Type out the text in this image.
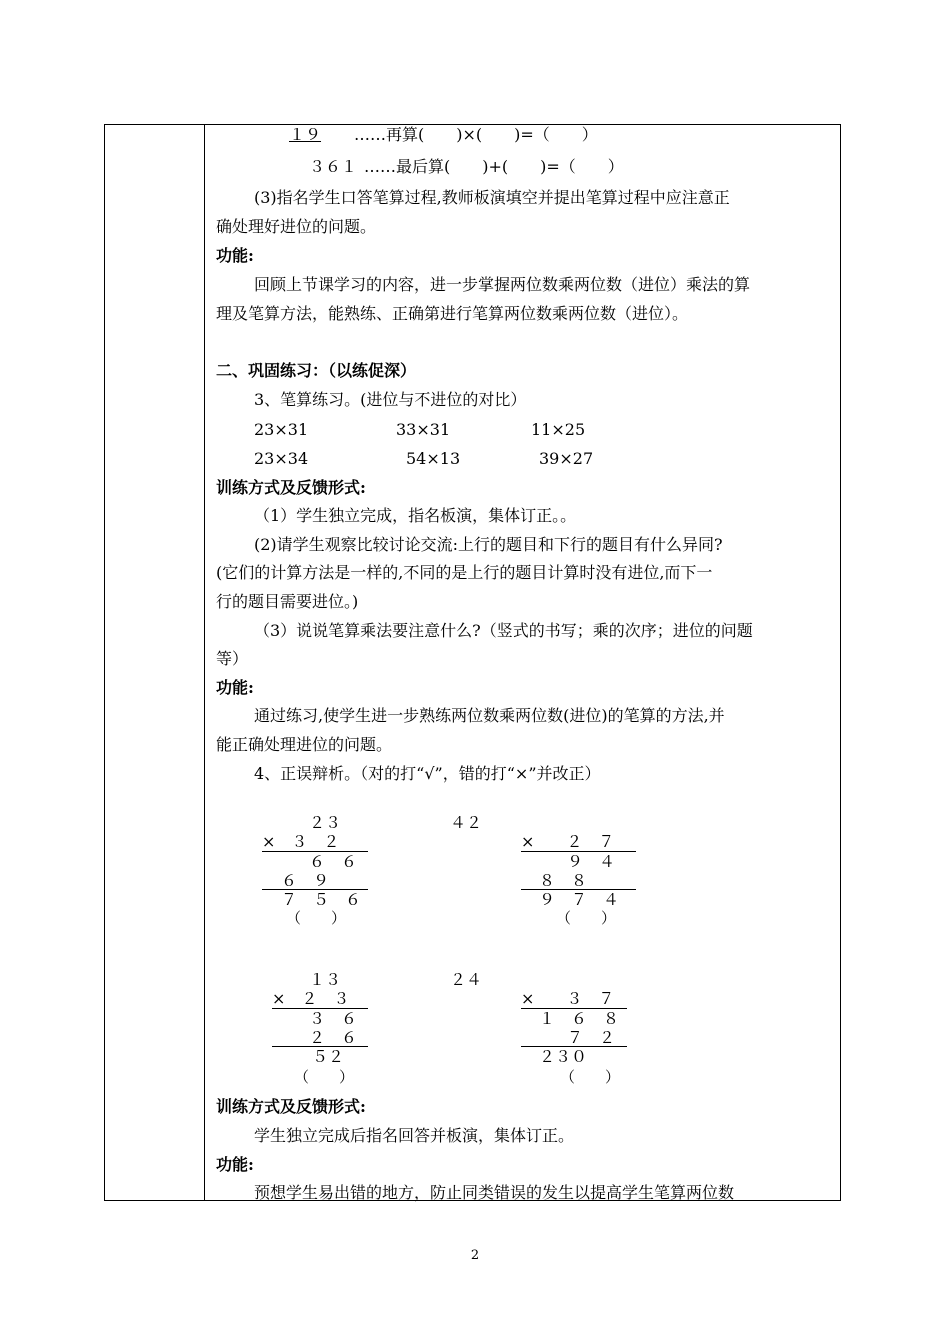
１９ ……再算(　　)×(　　)=（　　）
３６１ ……最后算(　　)+(　　)=（　　）
(3)指名学生口答笔算过程,教师板演填空并提出笔算过程中应注意正
确处理好进位的问题。
功能:
回顾上节课学习的内容，进一步掌握两位数乘两位数（进位）乘法的算
理及笔算方法，能熟练、正确第进行笔算两位数乘两位数（进位）。
二、巩固练习：（以练促深）
3、笔算练习。(进位与不进位的对比）
23×31	33×31	11×25
23×34	54×13	39×27
训练方式及反馈形式:
（1）学生独立完成，指名板演，集体订正。。
(2)请学生观察比较讨论交流:上行的题目和下行的题目有什么异同?
(它们的计算方法是一样的,不同的是上行的题目计算时没有进位,而下一
行的题目需要进位。)
（3）说说笔算乘法要注意什么?（竖式的书写；乘的次序；进位的问题
等）
功能:
通过练习,使学生进一步熟练两位数乘两位数(进位)的笔算的方法,并
能正确处理进位的问题。
4、正误辩析。（对的打“√”，错的打“×”并改正）
２３
×　３　２
６　６
６　９
７　５　６
（　　）
４２
×　　２　７
９　４
８　８
９　７　４
（　　）
１３
×　２　３
３　６
２　６
５２
（　　）
２４
×　　３　７
１　６　８
７　２
２３０
（　　）
训练方式及反馈形式:
学生独立完成后指名回答并板演，集体订正。
功能:
预想学生易出错的地方，防止同类错误的发生以提高学生笔算两位数
2
